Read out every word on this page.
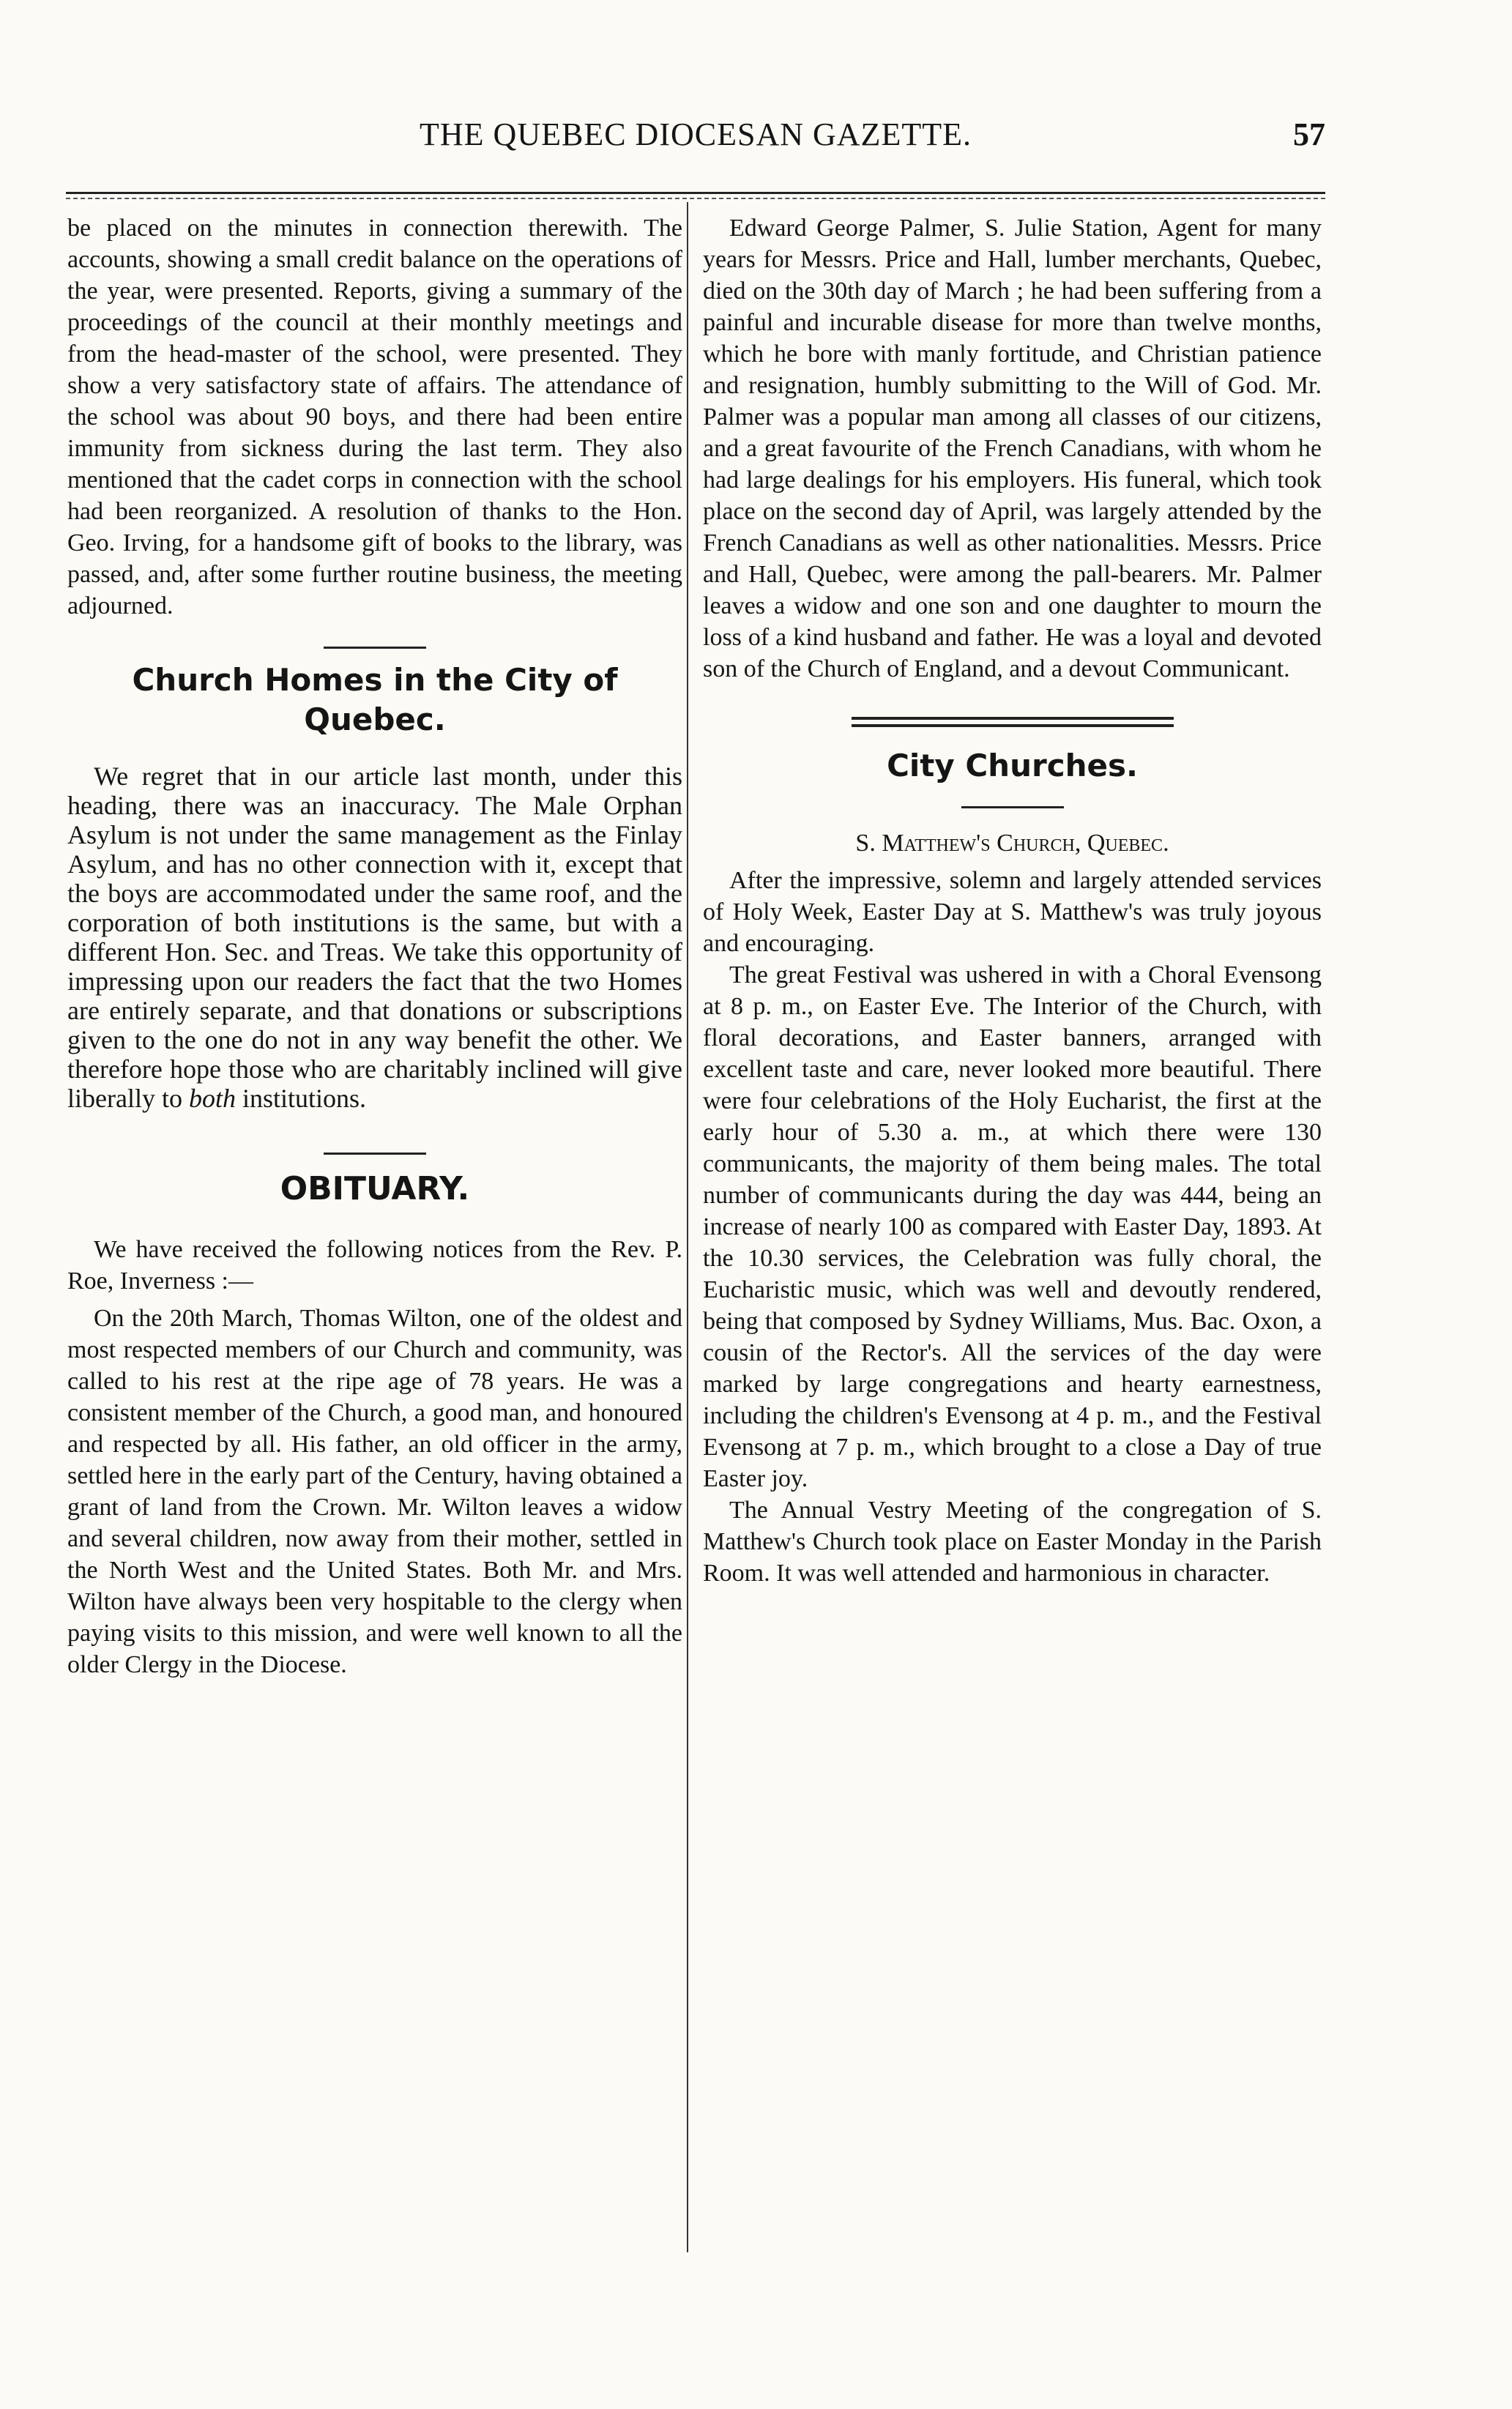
THE QUEBEC DIOCESAN GAZETTE.	57

be placed on the minutes in connection therewith. The accounts, showing a small credit balance on the operations of the year, were presented. Reports, giving a summary of the proceedings of the council at their monthly meetings and from the head-master of the school, were presented. They show a very satisfactory state of affairs. The attendance of the school was about 90 boys, and there had been entire immunity from sickness during the last term. They also mentioned that the cadet corps in connection with the school had been reorganized. A resolution of thanks to the Hon. Geo. Irving, for a handsome gift of books to the library, was passed, and, after some further routine business, the meeting adjourned.

Church Homes in the City of Quebec.

We regret that in our article last month, under this heading, there was an inaccuracy. The Male Orphan Asylum is not under the same management as the Finlay Asylum, and has no other connection with it, except that the boys are accommodated under the same roof, and the corporation of both institutions is the same, but with a different Hon. Sec. and Treas. We take this opportunity of impressing upon our readers the fact that the two Homes are entirely separate, and that donations or subscriptions given to the one do not in any way benefit the other. We therefore hope those who are charitably inclined will give liberally to both institutions.

OBITUARY.

We have received the following notices from the Rev. P. Roe, Inverness :—

On the 20th March, Thomas Wilton, one of the oldest and most respected members of our Church and community, was called to his rest at the ripe age of 78 years. He was a consistent member of the Church, a good man, and honoured and respected by all. His father, an old officer in the army, settled here in the early part of the Century, having obtained a grant of land from the Crown. Mr. Wilton leaves a widow and several children, now away from their mother, settled in the North West and the United States. Both Mr. and Mrs. Wilton have always been very hospitable to the clergy when paying visits to this mission, and were well known to all the older Clergy in the Diocese.

Edward George Palmer, S. Julie Station, Agent for many years for Messrs. Price and Hall, lumber merchants, Quebec, died on the 30th day of March ; he had been suffering from a painful and incurable disease for more than twelve months, which he bore with manly fortitude, and Christian patience and resignation, humbly submitting to the Will of God. Mr. Palmer was a popular man among all classes of our citizens, and a great favourite of the French Canadians, with whom he had large dealings for his employers. His funeral, which took place on the second day of April, was largely attended by the French Canadians as well as other nationalities. Messrs. Price and Hall, Quebec, were among the pall-bearers. Mr. Palmer leaves a widow and one son and one daughter to mourn the loss of a kind husband and father. He was a loyal and devoted son of the Church of England, and a devout Communicant.

City Churches.

S. Matthew's Church, Quebec.

After the impressive, solemn and largely attended services of Holy Week, Easter Day at S. Matthew's was truly joyous and encouraging.

The great Festival was ushered in with a Choral Evensong at 8 p. m., on Easter Eve. The Interior of the Church, with floral decorations, and Easter banners, arranged with excellent taste and care, never looked more beautiful. There were four celebrations of the Holy Eucharist, the first at the early hour of 5.30 a. m., at which there were 130 communicants, the majority of them being males. The total number of communicants during the day was 444, being an increase of nearly 100 as compared with Easter Day, 1893. At the 10.30 services, the Celebration was fully choral, the Eucharistic music, which was well and devoutly rendered, being that composed by Sydney Williams, Mus. Bac. Oxon, a cousin of the Rector's. All the services of the day were marked by large congregations and hearty earnestness, including the children's Evensong at 4 p. m., and the Festival Evensong at 7 p. m., which brought to a close a Day of true Easter joy.

The Annual Vestry Meeting of the congregation of S. Matthew's Church took place on Easter Monday in the Parish Room. It was well attended and harmonious in character.
